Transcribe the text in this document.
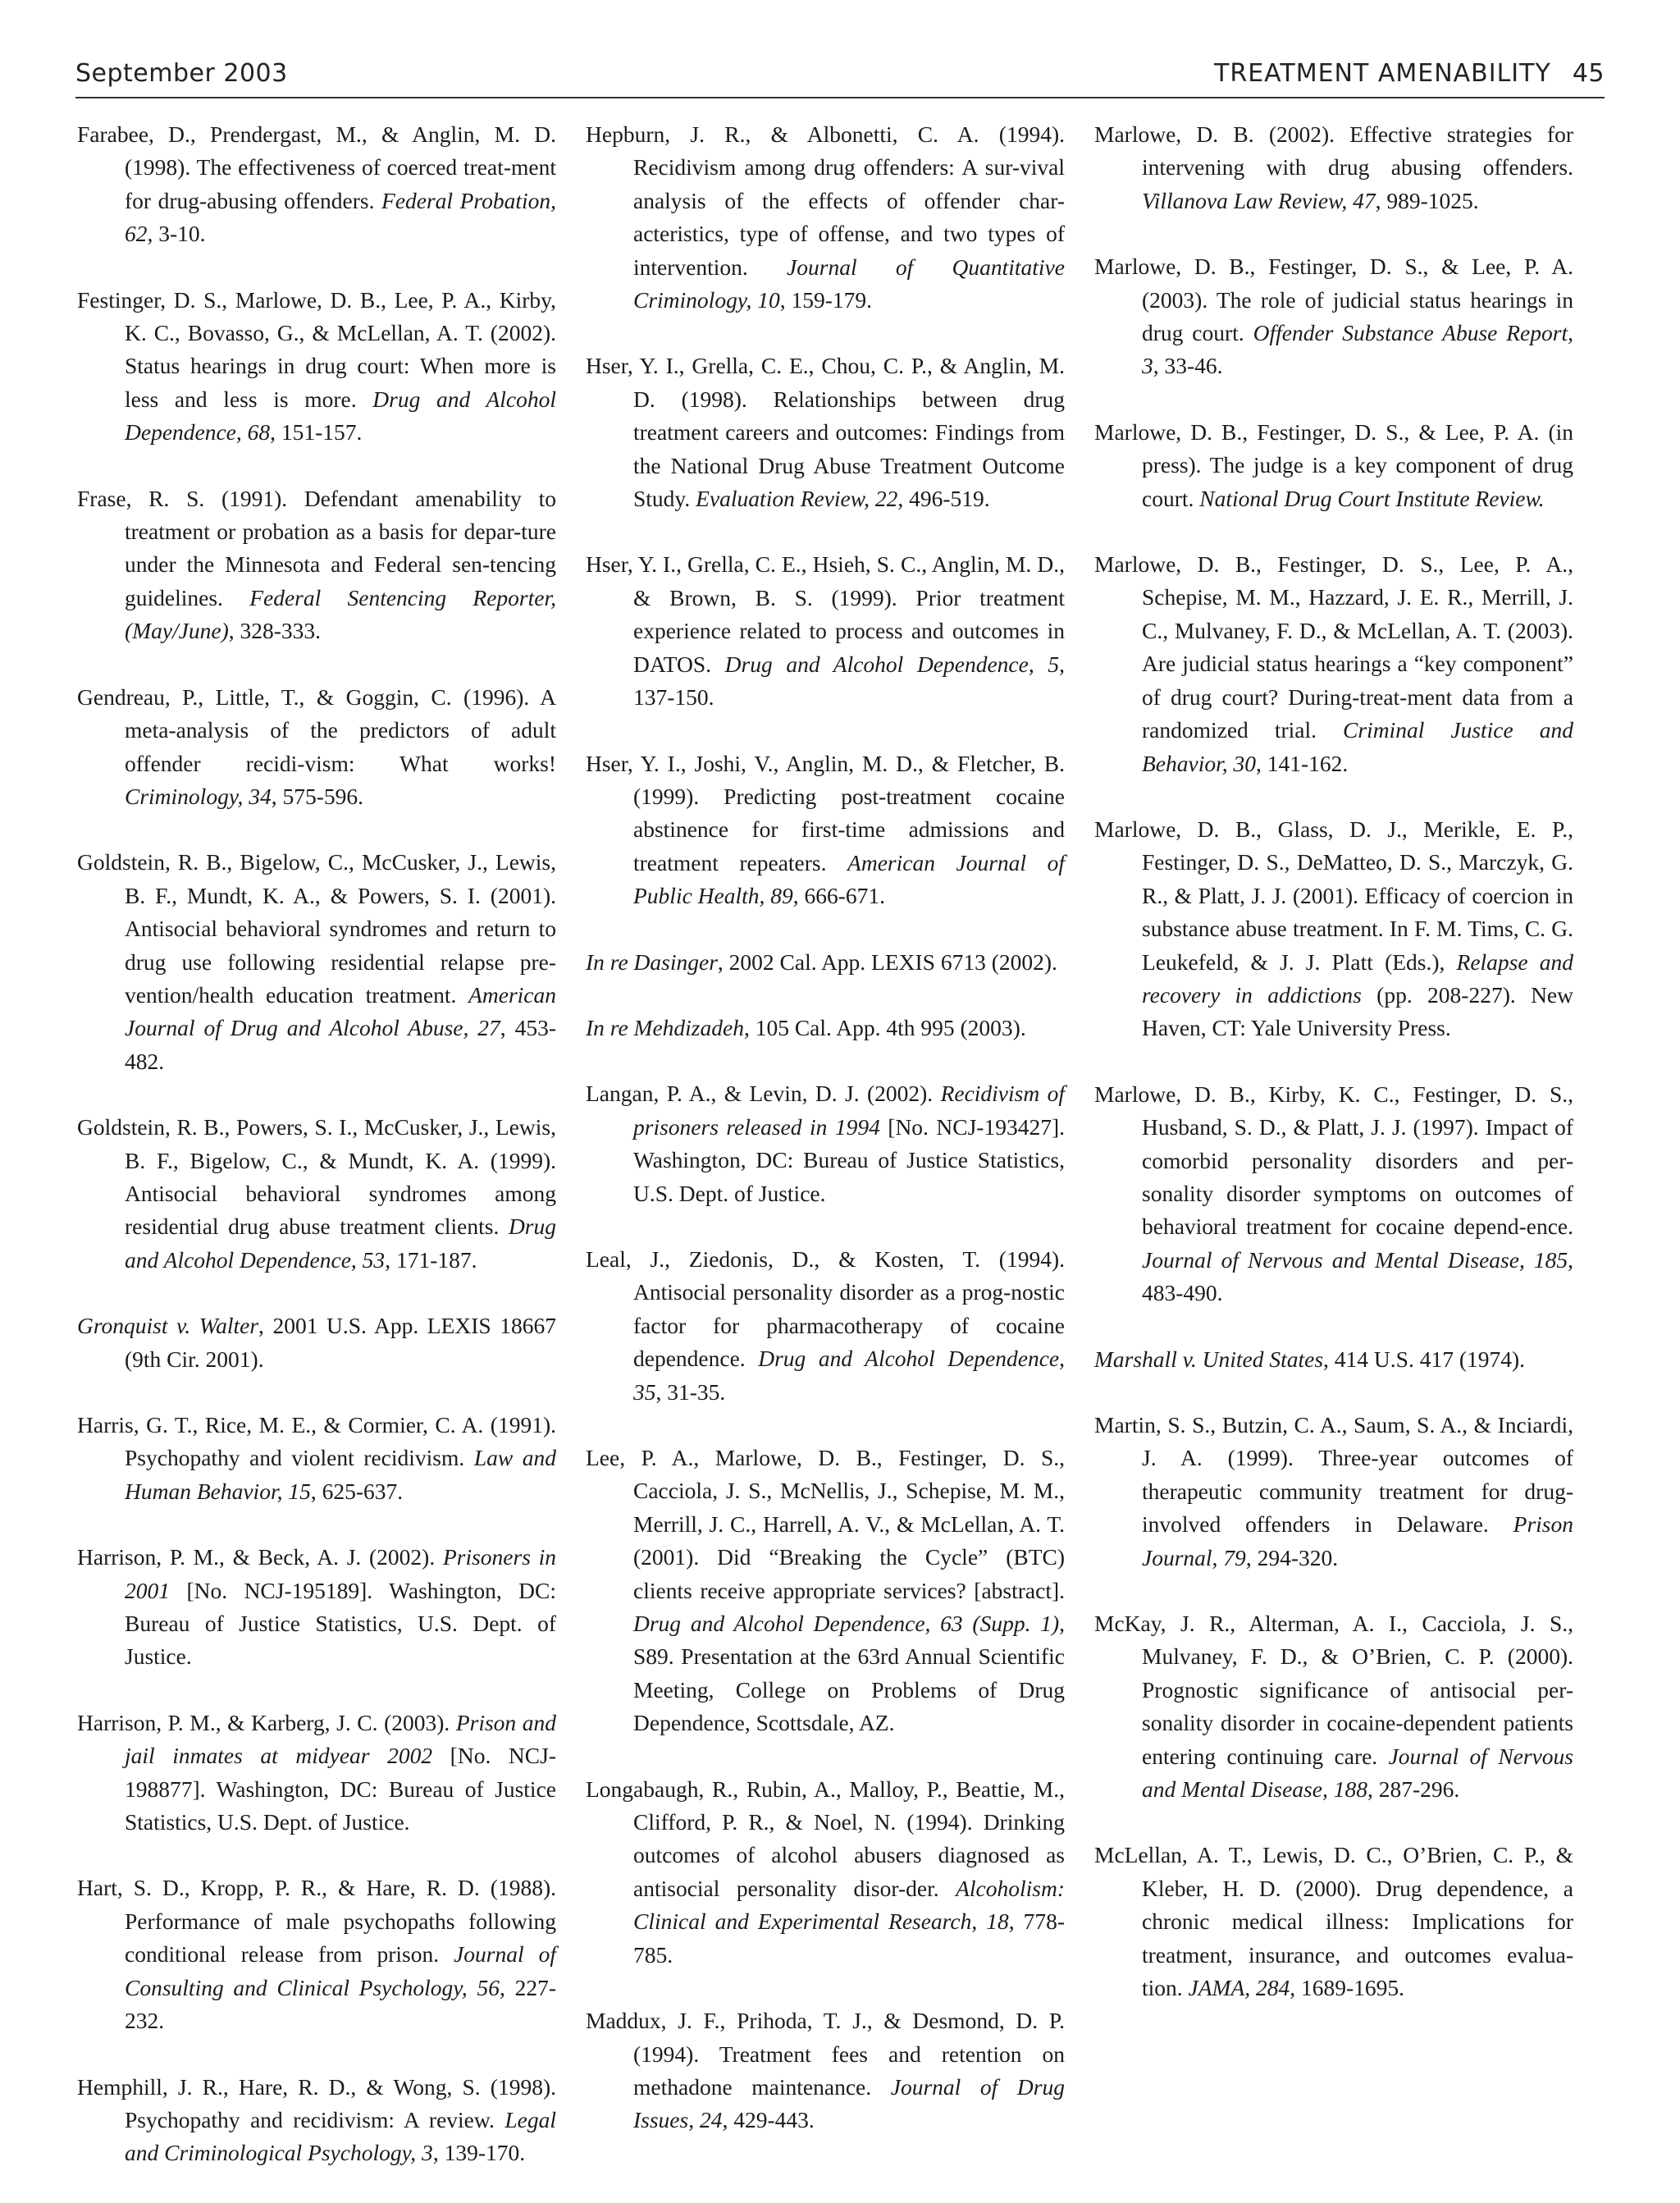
September 2003	TREATMENT AMENABILITY 45

Farabee, D., Prendergast, M., & Anglin, M. D. (1998). The effectiveness of coerced treat-ment for drug-abusing offenders. Federal Probation, 62, 3-10.

Festinger, D. S., Marlowe, D. B., Lee, P. A., Kirby, K. C., Bovasso, G., & McLellan, A. T. (2002). Status hearings in drug court: When more is less and less is more. Drug and Alcohol Dependence, 68, 151-157.

Frase, R. S. (1991). Defendant amenability to treatment or probation as a basis for depar-ture under the Minnesota and Federal sen-tencing guidelines. Federal Sentencing Reporter, (May/June), 328-333.

Gendreau, P., Little, T., & Goggin, C. (1996). A meta-analysis of the predictors of adult offender recidi-vism: What works! Criminology, 34, 575-596.

Goldstein, R. B., Bigelow, C., McCusker, J., Lewis, B. F., Mundt, K. A., & Powers, S. I. (2001). Antisocial behavioral syndromes and return to drug use following residential relapse pre-vention/health education treatment. American Journal of Drug and Alcohol Abuse, 27, 453-482.

Goldstein, R. B., Powers, S. I., McCusker, J., Lewis, B. F., Bigelow, C., & Mundt, K. A. (1999). Antisocial behavioral syndromes among residential drug abuse treatment clients. Drug and Alcohol Dependence, 53, 171-187.

Gronquist v. Walter, 2001 U.S. App. LEXIS 18667 (9th Cir. 2001).

Harris, G. T., Rice, M. E., & Cormier, C. A. (1991). Psychopathy and violent recidivism. Law and Human Behavior, 15, 625-637.

Harrison, P. M., & Beck, A. J. (2002). Prisoners in 2001 [No. NCJ-195189]. Washington, DC: Bureau of Justice Statistics, U.S. Dept. of Justice.

Harrison, P. M., & Karberg, J. C. (2003). Prison and jail inmates at midyear 2002 [No. NCJ-198877]. Washington, DC: Bureau of Justice Statistics, U.S. Dept. of Justice.

Hart, S. D., Kropp, P. R., & Hare, R. D. (1988). Performance of male psychopaths following conditional release from prison. Journal of Consulting and Clinical Psychology, 56, 227-232.

Hemphill, J. R., Hare, R. D., & Wong, S. (1998). Psychopathy and recidivism: A review. Legal and Criminological Psychology, 3, 139-170.

Hepburn, J. R., & Albonetti, C. A. (1994). Recidivism among drug offenders: A sur-vival analysis of the effects of offender char-acteristics, type of offense, and two types of intervention. Journal of Quantitative Criminology, 10, 159-179.

Hser, Y. I., Grella, C. E., Chou, C. P., & Anglin, M. D. (1998). Relationships between drug treatment careers and outcomes: Findings from the National Drug Abuse Treatment Outcome Study. Evaluation Review, 22, 496-519.

Hser, Y. I., Grella, C. E., Hsieh, S. C., Anglin, M. D., & Brown, B. S. (1999). Prior treatment experience related to process and outcomes in DATOS. Drug and Alcohol Dependence, 5, 137-150.

Hser, Y. I., Joshi, V., Anglin, M. D., & Fletcher, B. (1999). Predicting post-treatment cocaine abstinence for first-time admissions and treatment repeaters. American Journal of Public Health, 89, 666-671.

In re Dasinger, 2002 Cal. App. LEXIS 6713 (2002).

In re Mehdizadeh, 105 Cal. App. 4th 995 (2003).

Langan, P. A., & Levin, D. J. (2002). Recidivism of prisoners released in 1994 [No. NCJ-193427]. Washington, DC: Bureau of Justice Statistics, U.S. Dept. of Justice.

Leal, J., Ziedonis, D., & Kosten, T. (1994). Antisocial personality disorder as a prog-nostic factor for pharmacotherapy of cocaine dependence. Drug and Alcohol Dependence, 35, 31-35.

Lee, P. A., Marlowe, D. B., Festinger, D. S., Cacciola, J. S., McNellis, J., Schepise, M. M., Merrill, J. C., Harrell, A. V., & McLellan, A. T. (2001). Did “Breaking the Cycle” (BTC) clients receive appropriate services? [abstract]. Drug and Alcohol Dependence, 63 (Supp. 1), S89. Presentation at the 63rd Annual Scientific Meeting, College on Problems of Drug Dependence, Scottsdale, AZ.

Longabaugh, R., Rubin, A., Malloy, P., Beattie, M., Clifford, P. R., & Noel, N. (1994). Drinking outcomes of alcohol abusers diagnosed as antisocial personality disor-der. Alcoholism: Clinical and Experimental Research, 18, 778-785.

Maddux, J. F., Prihoda, T. J., & Desmond, D. P. (1994). Treatment fees and retention on methadone maintenance. Journal of Drug Issues, 24, 429-443.

Marlowe, D. B. (2002). Effective strategies for intervening with drug abusing offenders. Villanova Law Review, 47, 989-1025.

Marlowe, D. B., Festinger, D. S., & Lee, P. A. (2003). The role of judicial status hearings in drug court. Offender Substance Abuse Report, 3, 33-46.

Marlowe, D. B., Festinger, D. S., & Lee, P. A. (in press). The judge is a key component of drug court. National Drug Court Institute Review.

Marlowe, D. B., Festinger, D. S., Lee, P. A., Schepise, M. M., Hazzard, J. E. R., Merrill, J. C., Mulvaney, F. D., & McLellan, A. T. (2003). Are judicial status hearings a “key component” of drug court? During-treat-ment data from a randomized trial. Criminal Justice and Behavior, 30, 141-162.

Marlowe, D. B., Glass, D. J., Merikle, E. P., Festinger, D. S., DeMatteo, D. S., Marczyk, G. R., & Platt, J. J. (2001). Efficacy of coercion in substance abuse treatment. In F. M. Tims, C. G. Leukefeld, & J. J. Platt (Eds.), Relapse and recovery in addictions (pp. 208-227). New Haven, CT: Yale University Press.

Marlowe, D. B., Kirby, K. C., Festinger, D. S., Husband, S. D., & Platt, J. J. (1997). Impact of comorbid personality disorders and per-sonality disorder symptoms on outcomes of behavioral treatment for cocaine depend-ence. Journal of Nervous and Mental Disease, 185, 483-490.

Marshall v. United States, 414 U.S. 417 (1974).

Martin, S. S., Butzin, C. A., Saum, S. A., & Inciardi, J. A. (1999). Three-year outcomes of therapeutic community treatment for drug-involved offenders in Delaware. Prison Journal, 79, 294-320.

McKay, J. R., Alterman, A. I., Cacciola, J. S., Mulvaney, F. D., & O’Brien, C. P. (2000). Prognostic significance of antisocial per-sonality disorder in cocaine-dependent patients entering continuing care. Journal of Nervous and Mental Disease, 188, 287-296.

McLellan, A. T., Lewis, D. C., O’Brien, C. P., & Kleber, H. D. (2000). Drug dependence, a chronic medical illness: Implications for treatment, insurance, and outcomes evalua-tion. JAMA, 284, 1689-1695.
